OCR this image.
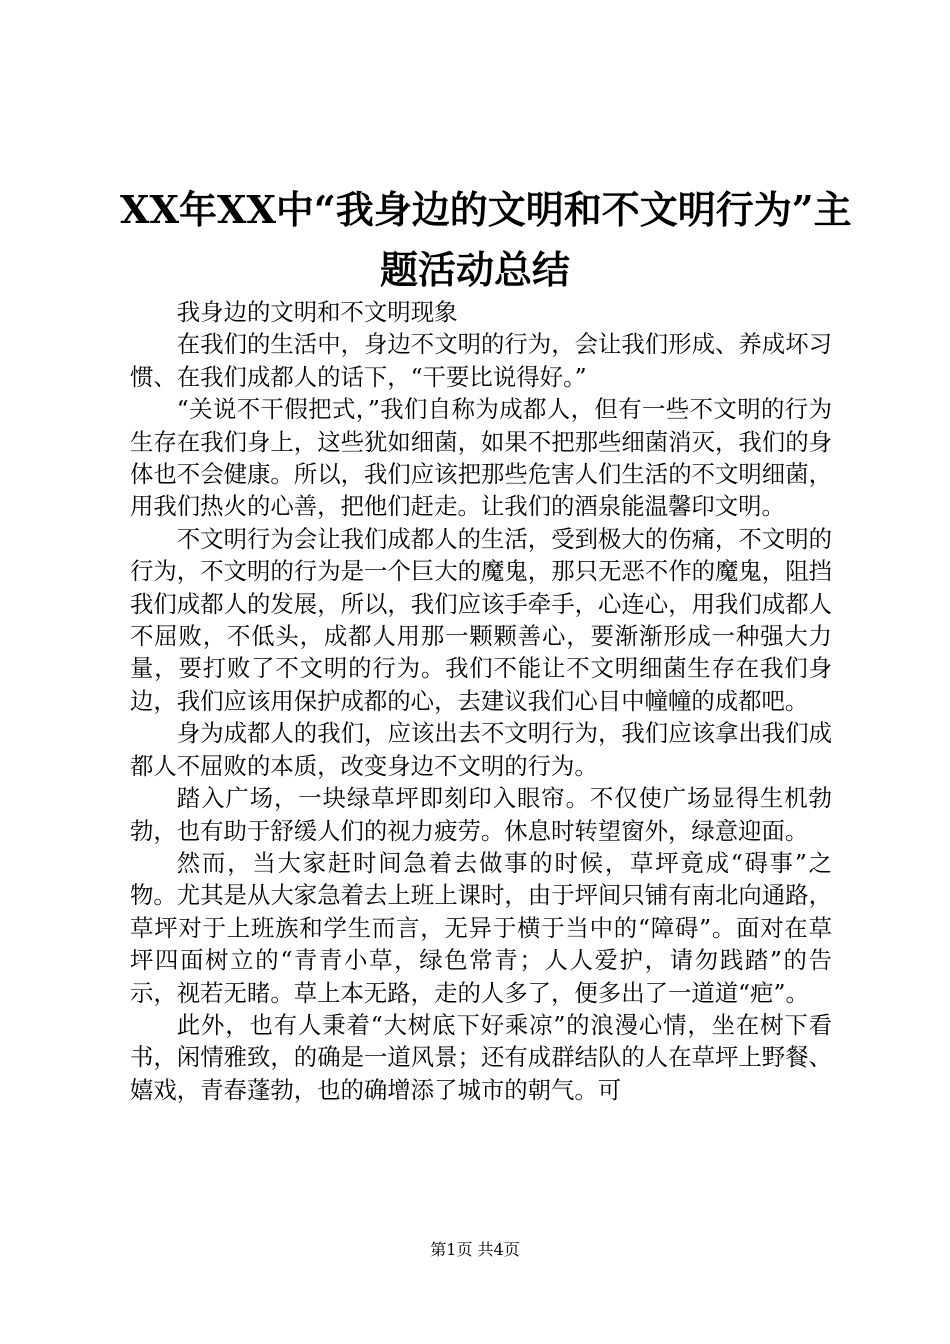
XX年XX中“我身边的文明和不文明行为”主
题活动总结

我身边的文明和不文明现象

在我们的生活中，身边不文明的行为，会让我们形成、养成坏习惯、在我们成都人的话下，“干要比说得好。”

“关说不干假把式，”我们自称为成都人，但有一些不文明的行为生存在我们身上，这些犹如细菌，如果不把那些细菌消灭，我们的身体也不会健康。所以，我们应该把那些危害人们生活的不文明细菌，用我们热火的心善，把他们赶走。让我们的酒泉能温馨印文明。

不文明行为会让我们成都人的生活，受到极大的伤痛，不文明的行为，不文明的行为是一个巨大的魔鬼，那只无恶不作的魔鬼，阻挡我们成都人的发展，所以，我们应该手牵手，心连心，用我们成都人不屈败，不低头，成都人用那一颗颗善心，要渐渐形成一种强大力量，要打败了不文明的行为。我们不能让不文明细菌生存在我们身边，我们应该用保护成都的心，去建议我们心目中幢幢的成都吧。

身为成都人的我们，应该出去不文明行为，我们应该拿出我们成都人不屈败的本质，改变身边不文明的行为。

踏入广场，一块绿草坪即刻印入眼帘。不仅使广场显得生机勃勃，也有助于舒缓人们的视力疲劳。休息时转望窗外，绿意迎面。

然而，当大家赶时间急着去做事的时候，草坪竟成“碍事”之物。尤其是从大家急着去上班上课时，由于坪间只铺有南北向通路，草坪对于上班族和学生而言，无异于横于当中的“障碍”。面对在草坪四面树立的“青青小草，绿色常青；人人爱护，请勿践踏”的告示，视若无睹。草上本无路，走的人多了，便多出了一道道“疤”。

此外，也有人秉着“大树底下好乘凉”的浪漫心情，坐在树下看书，闲情雅致，的确是一道风景；还有成群结队的人在草坪上野餐、嬉戏，青春蓬勃，也的确增添了城市的朝气。可

第1页 共4页
